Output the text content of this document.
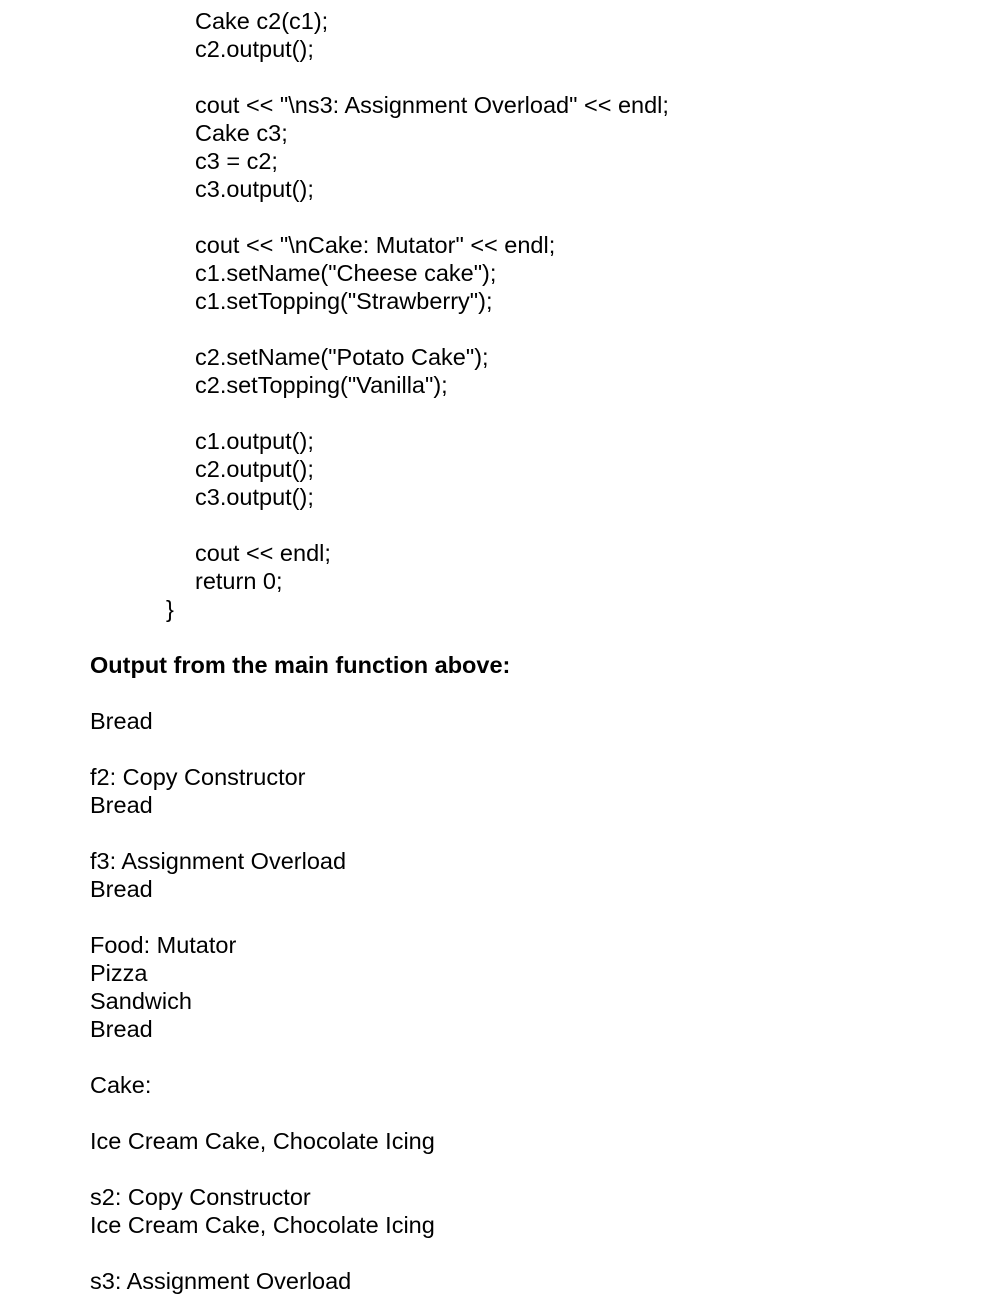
Cake c2(c1);
c2.output();
cout << "\ns3: Assignment Overload" << endl;
Cake c3;
c3 = c2;
c3.output();
cout << "\nCake: Mutator" << endl;
c1.setName("Cheese cake");
c1.setTopping("Strawberry");
c2.setName("Potato Cake");
c2.setTopping("Vanilla");
c1.output();
c2.output();
c3.output();
cout << endl;
return 0;
}
Output from the main function above:
Bread
f2: Copy Constructor
Bread
f3: Assignment Overload
Bread
Food: Mutator
Pizza
Sandwich
Bread
Cake:
Ice Cream Cake, Chocolate Icing
s2: Copy Constructor
Ice Cream Cake, Chocolate Icing
s3: Assignment Overload
